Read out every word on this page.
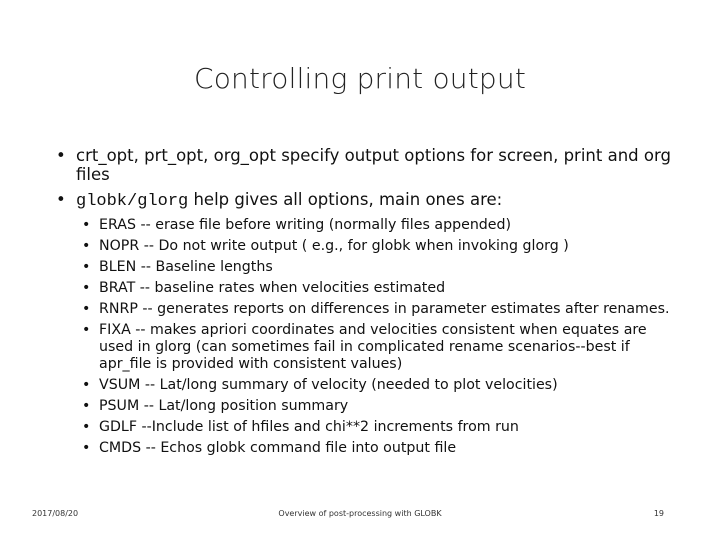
Controlling print output
• crt_opt, prt_opt, org_opt specify output options for screen, print and org files
• globk/glorg help gives all options, main ones are:
• ERAS -- erase file before writing (normally files appended)
• NOPR -- Do not write output ( e.g., for globk when invoking glorg )
• BLEN -- Baseline lengths
• BRAT -- baseline rates when velocities estimated
• RNRP -- generates reports on differences in parameter estimates after renames.
• FIXA -- makes apriori coordinates and velocities consistent when equates are used in glorg (can sometimes fail in complicated rename scenarios--best if apr_file is provided with consistent values)
• VSUM -- Lat/long summary of velocity (needed to plot velocities)
• PSUM -- Lat/long position summary
• GDLF --Include list of hfiles and chi**2 increments from run
• CMDS -- Echos globk command file into output file
2017/08/20	Overview of post-processing with GLOBK	19
